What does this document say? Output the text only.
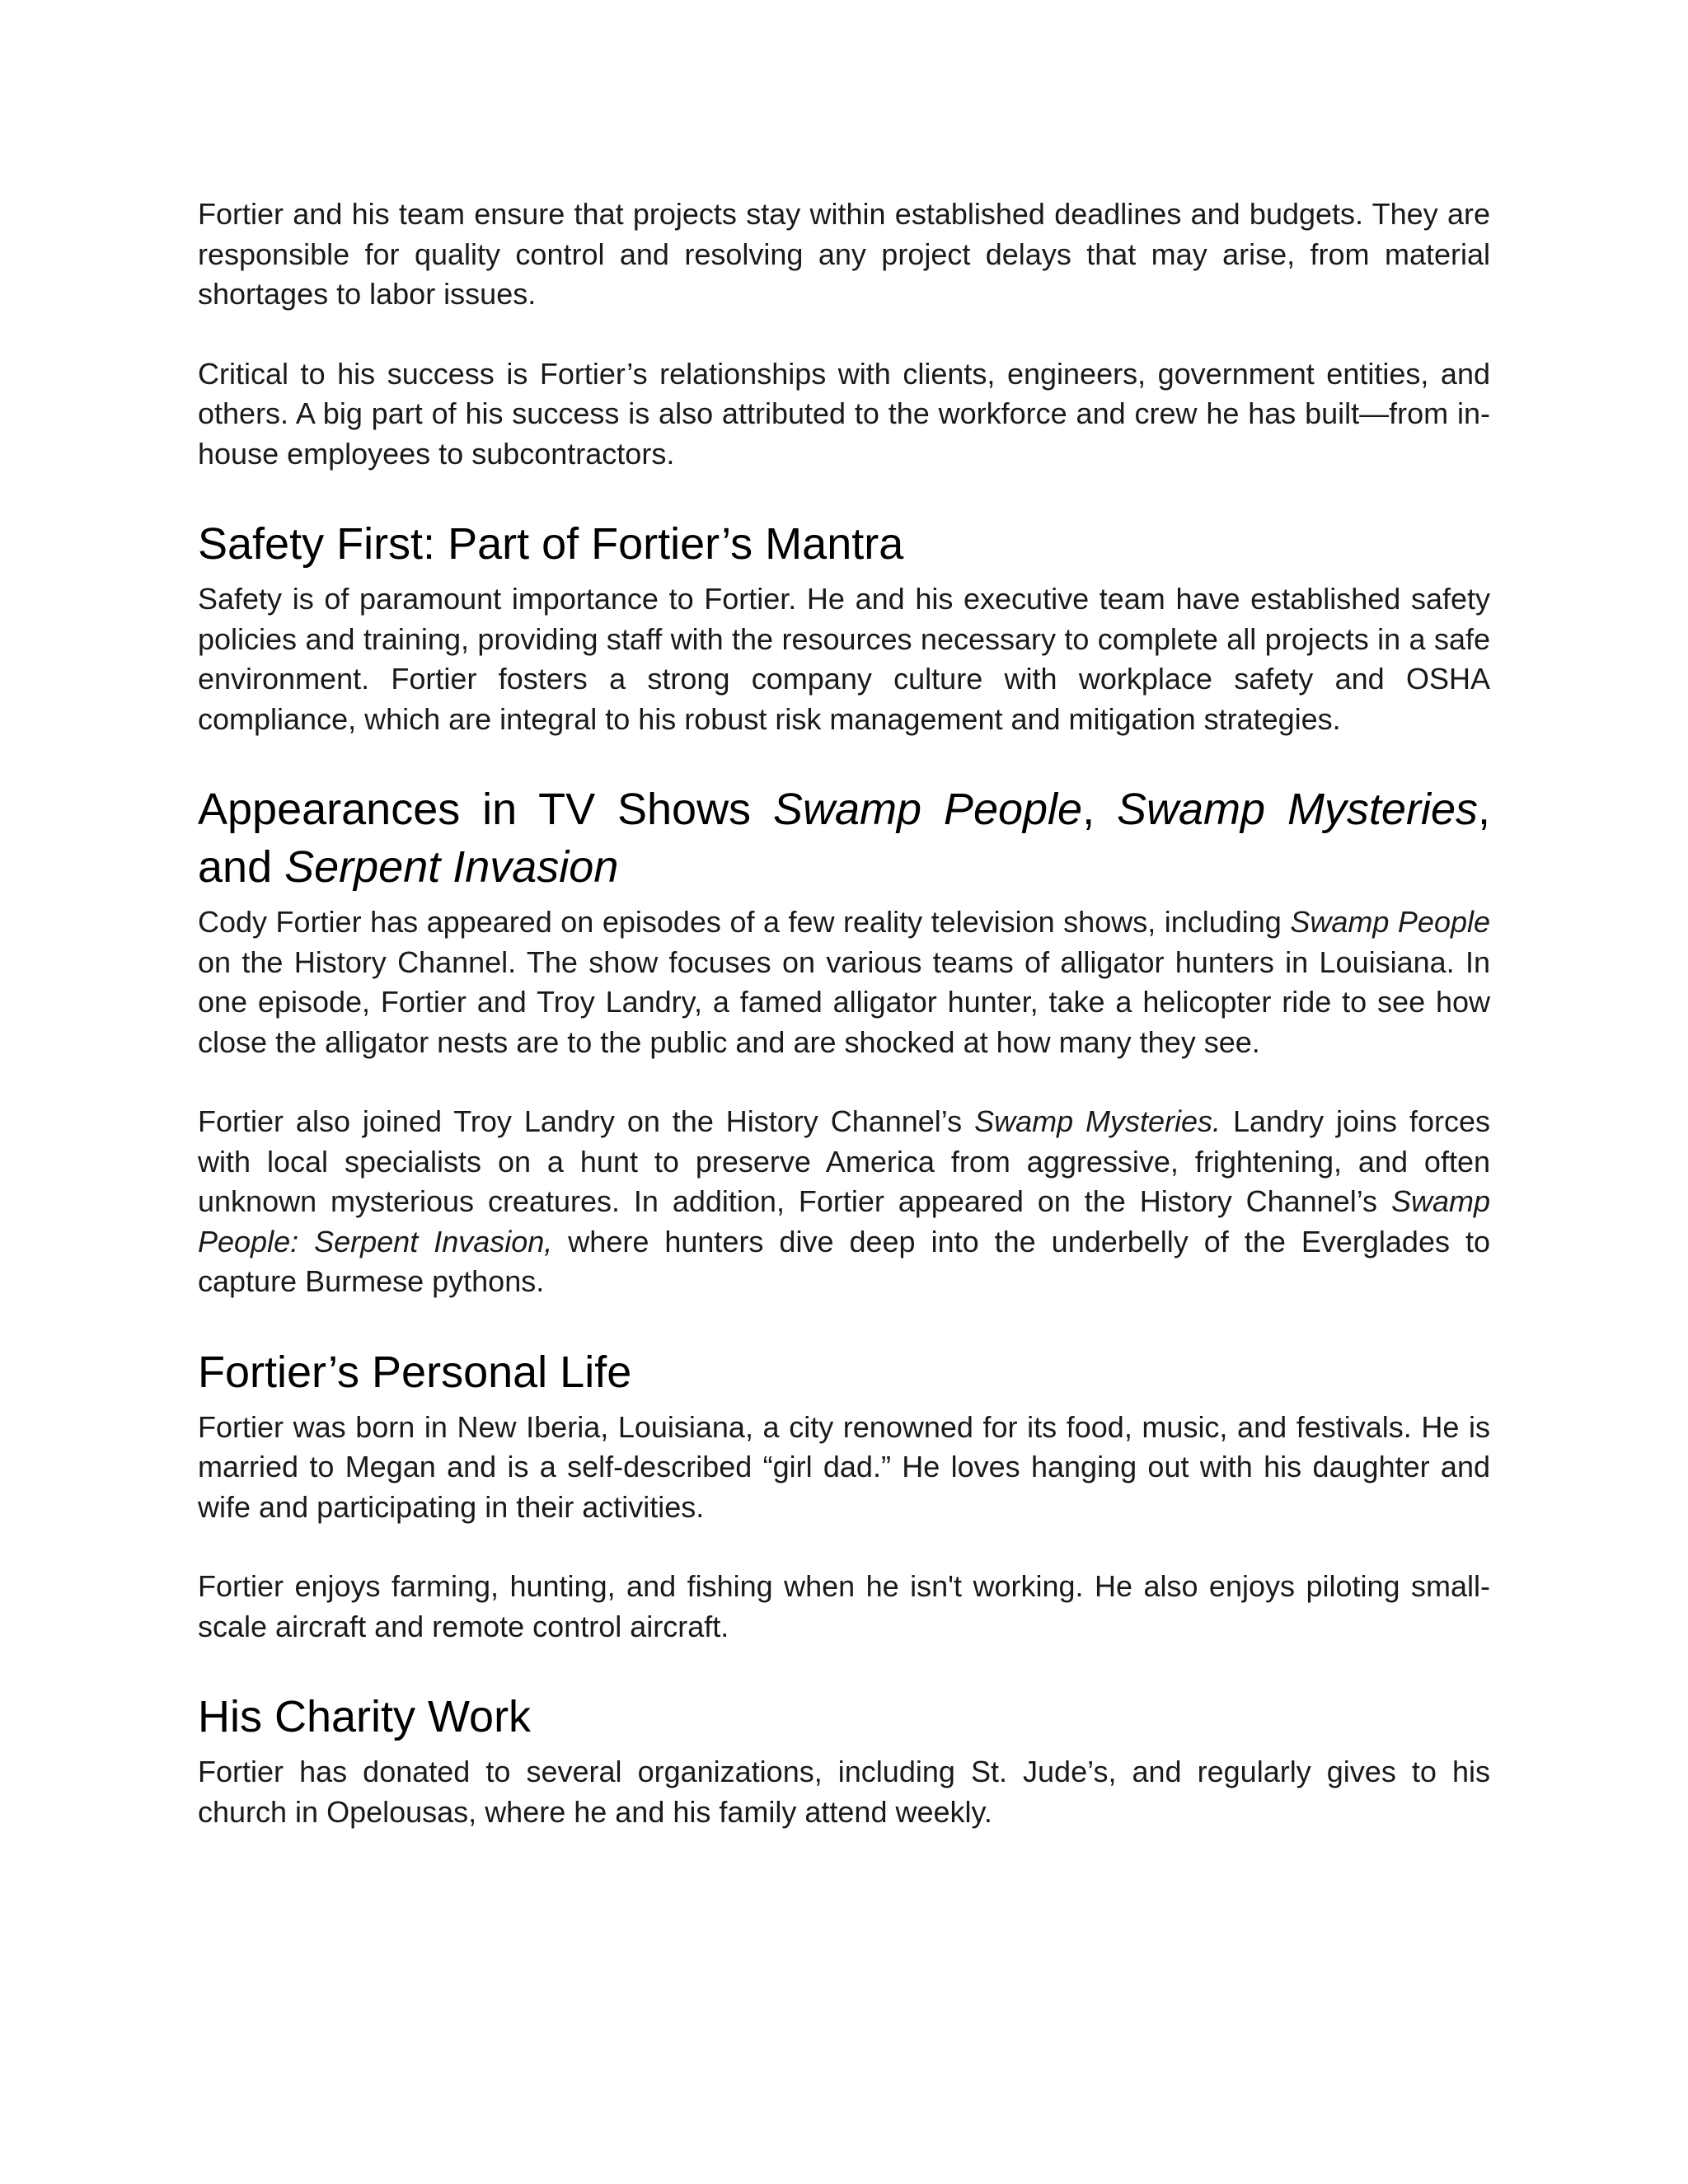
Fortier and his team ensure that projects stay within established deadlines and budgets. They are responsible for quality control and resolving any project delays that may arise, from material shortages to labor issues.

Critical to his success is Fortier’s relationships with clients, engineers, government entities, and others. A big part of his success is also attributed to the workforce and crew he has built—from in-house employees to subcontractors.

Safety First: Part of Fortier’s Mantra

Safety is of paramount importance to Fortier. He and his executive team have established safety policies and training, providing staff with the resources necessary to complete all projects in a safe environment. Fortier fosters a strong company culture with workplace safety and OSHA compliance, which are integral to his robust risk management and mitigation strategies.

Appearances in TV Shows Swamp People, Swamp Mysteries, and Serpent Invasion

Cody Fortier has appeared on episodes of a few reality television shows, including Swamp People on the History Channel. The show focuses on various teams of alligator hunters in Louisiana. In one episode, Fortier and Troy Landry, a famed alligator hunter, take a helicopter ride to see how close the alligator nests are to the public and are shocked at how many they see.

Fortier also joined Troy Landry on the History Channel’s Swamp Mysteries. Landry joins forces with local specialists on a hunt to preserve America from aggressive, frightening, and often unknown mysterious creatures. In addition, Fortier appeared on the History Channel’s Swamp People: Serpent Invasion, where hunters dive deep into the underbelly of the Everglades to capture Burmese pythons.

Fortier’s Personal Life

Fortier was born in New Iberia, Louisiana, a city renowned for its food, music, and festivals. He is married to Megan and is a self-described “girl dad.” He loves hanging out with his daughter and wife and participating in their activities.

Fortier enjoys farming, hunting, and fishing when he isn't working. He also enjoys piloting small-scale aircraft and remote control aircraft.

His Charity Work

Fortier has donated to several organizations, including St. Jude’s, and regularly gives to his church in Opelousas, where he and his family attend weekly.
